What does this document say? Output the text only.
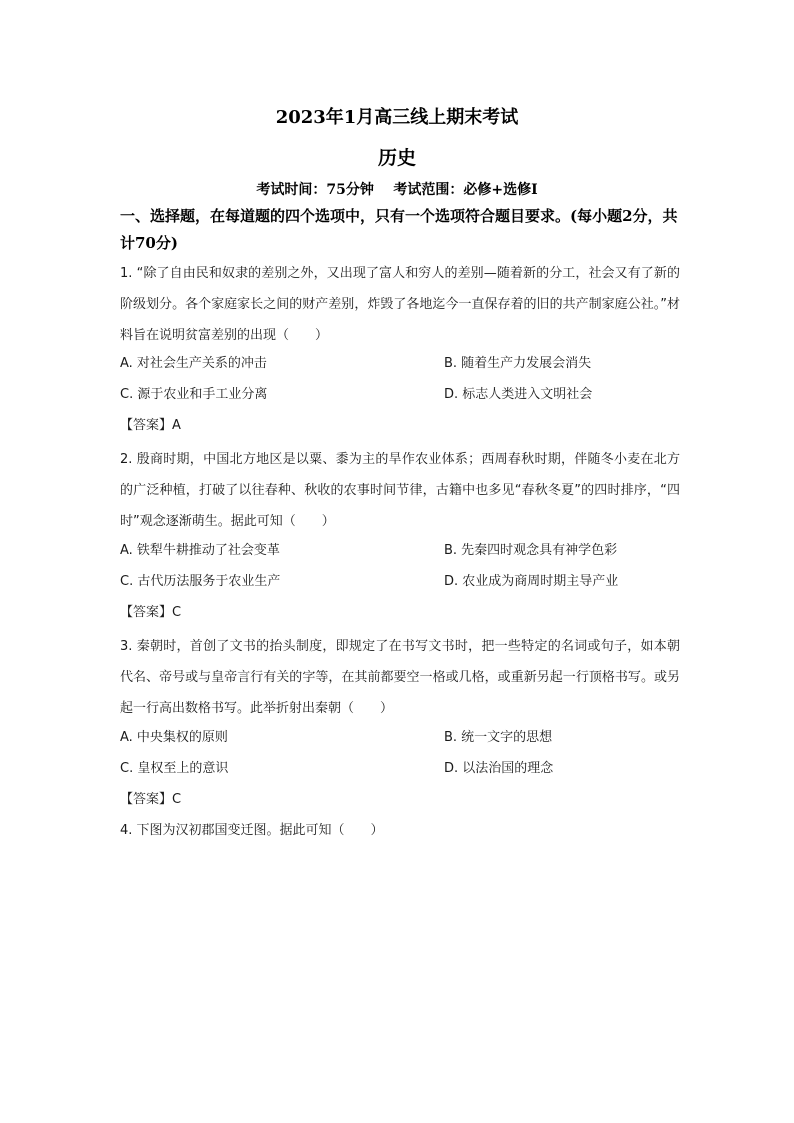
2023年1月高三线上期末考试
历史
考试时间：75分钟    考试范围：必修+选修Ⅰ
一、选择题，在每道题的四个选项中，只有一个选项符合题目要求。(每小题2分，共计70分)
1. “除了自由民和奴隶的差别之外，又出现了富人和穷人的差别—随着新的分工，社会又有了新的阶级划分。各个家庭家长之间的财产差别，炸毁了各地迄今一直保存着的旧的共产制家庭公社。”材料旨在说明贫富差别的出现（　　）
A. 对社会生产关系的冲击	B. 随着生产力发展会消失
C. 源于农业和手工业分离	D. 标志人类进入文明社会
【答案】A
2. 殷商时期，中国北方地区是以粟、黍为主的旱作农业体系；西周春秋时期，伴随冬小麦在北方的广泛种植，打破了以往春种、秋收的农事时间节律，古籍中也多见“春秋冬夏”的四时排序，“四时”观念逐渐萌生。据此可知（　　）
A. 铁犁牛耕推动了社会变革	B. 先秦四时观念具有神学色彩
C. 古代历法服务于农业生产	D. 农业成为商周时期主导产业
【答案】C
3. 秦朝时，首创了文书的抬头制度，即规定了在书写文书时，把一些特定的名词或句子，如本朝代名、帝号或与皇帝言行有关的字等，在其前都要空一格或几格，或重新另起一行顶格书写。或另起一行高出数格书写。此举折射出秦朝（　　）
A. 中央集权的原则	B. 统一文字的思想
C. 皇权至上的意识	D. 以法治国的理念
【答案】C
4. 下图为汉初郡国变迁图。据此可知（　　）
